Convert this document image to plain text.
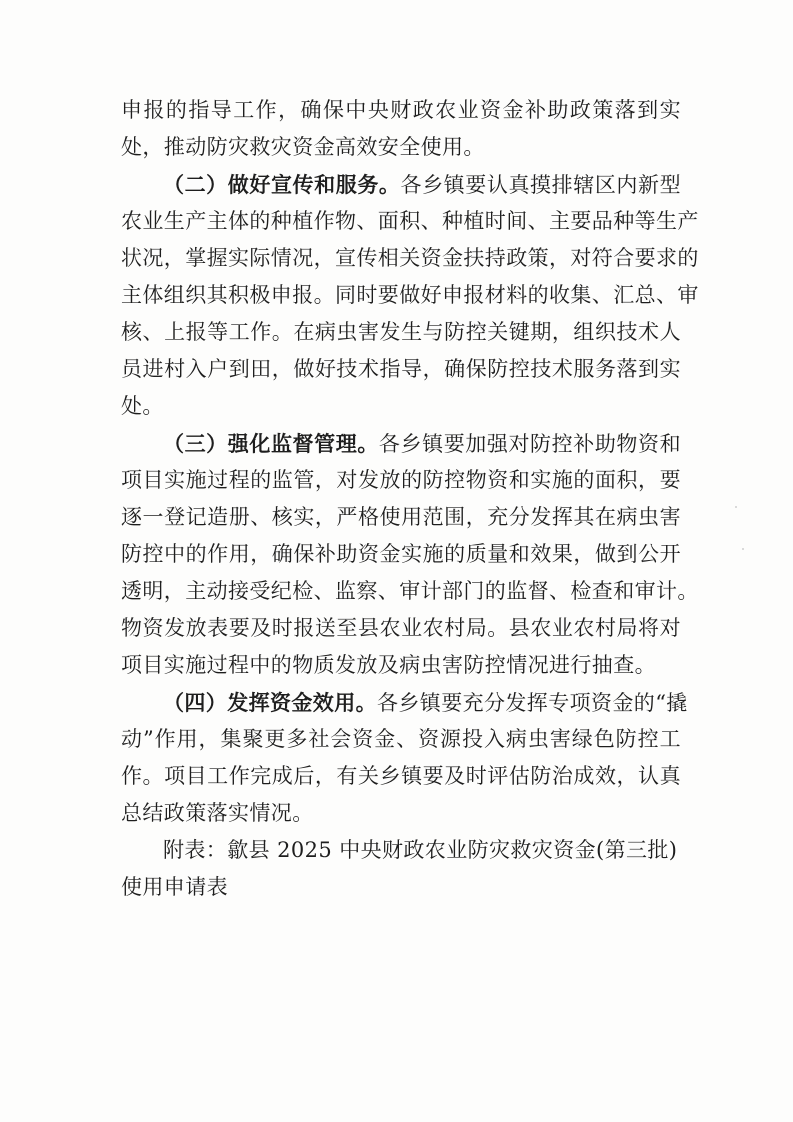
申报的指导工作，确保中央财政农业资金补助政策落到实
处，推动防灾救灾资金高效安全使用。
（二）做好宣传和服务。各乡镇要认真摸排辖区内新型
农业生产主体的种植作物、面积、种植时间、主要品种等生产
状况，掌握实际情况，宣传相关资金扶持政策，对符合要求的
主体组织其积极申报。同时要做好申报材料的收集、汇总、审
核、上报等工作。在病虫害发生与防控关键期，组织技术人
员进村入户到田，做好技术指导，确保防控技术服务落到实
处。
（三）强化监督管理。各乡镇要加强对防控补助物资和
项目实施过程的监管，对发放的防控物资和实施的面积，要
逐一登记造册、核实，严格使用范围，充分发挥其在病虫害
防控中的作用，确保补助资金实施的质量和效果，做到公开
透明，主动接受纪检、监察、审计部门的监督、检查和审计。
物资发放表要及时报送至县农业农村局。县农业农村局将对
项目实施过程中的物质发放及病虫害防控情况进行抽查。
（四）发挥资金效用。各乡镇要充分发挥专项资金的“撬
动”作用，集聚更多社会资金、资源投入病虫害绿色防控工
作。项目工作完成后，有关乡镇要及时评估防治成效，认真
总结政策落实情况。
附表：歙县 2025 中央财政农业防灾救灾资金(第三批)
使用申请表
